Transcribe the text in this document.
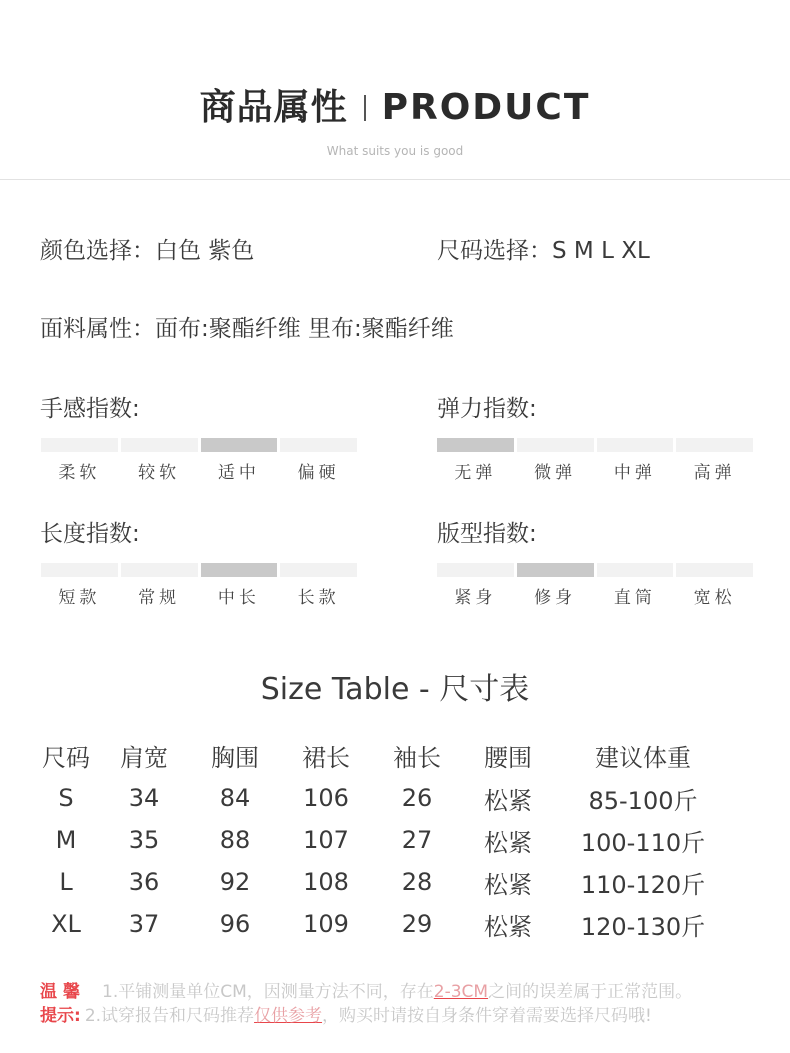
商品属性 PRODUCT
What suits you is good
颜色选择：白色 紫色	尺码选择：S M L XL
面料属性：面布:聚酯纤维 里布:聚酯纤维
手感指数:
柔软	较软	适中	偏硬
弹力指数:
无弹	微弹	中弹	高弹
长度指数:
短款	常规	中长	长款
版型指数:
紧身	修身	直筒	宽松
Size Table - 尺寸表
尺码	肩宽	胸围	裙长	袖长	腰围	建议体重
S	34	84	106	26	松紧	85-100斤
M	35	88	107	27	松紧	100-110斤
L	36	92	108	28	松紧	110-120斤
XL	37	96	109	29	松紧	120-130斤
温馨 1.平铺测量单位CM，因测量方法不同，存在2-3CM之间的误差属于正常范围。
提示: 2.试穿报告和尺码推荐仅供参考，购买时请按自身条件穿着需要选择尺码哦!
